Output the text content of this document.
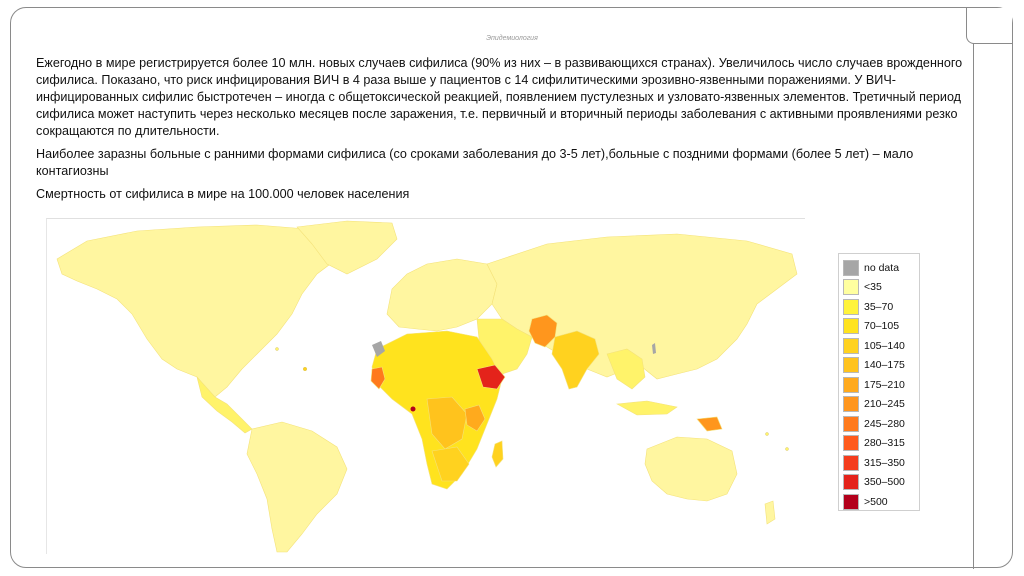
Эпидемиология

Ежегодно в мире регистрируется более 10 млн. новых случаев сифилиса (90% из них – в развивающихся странах). Увеличилось число случаев врожденного сифилиса. Показано, что риск инфицирования ВИЧ в 4 раза выше у пациентов с 14 сифилитическими эрозивно-язвенными поражениями. У ВИЧ-инфицированных сифилис быстротечен – иногда с общетоксической реакцией, появлением пустулезных и узловато-язвенных элементов. Третичный период сифилиса может наступить через несколько месяцев после заражения, т.е. первичный и вторичный периоды заболевания с активными проявлениями резко сокращаются по длительности.

Наиболее заразны больные с ранними формами сифилиса (со сроками заболевания до 3-5 лет),больные с поздними формами (более 5 лет) – мало контагиозны

Смертность от сифилиса в мире на 100.000 человек населения

no data
<35
35–70
70–105
105–140
140–175
175–210
210–245
245–280
280–315
315–350
350–500
>500
